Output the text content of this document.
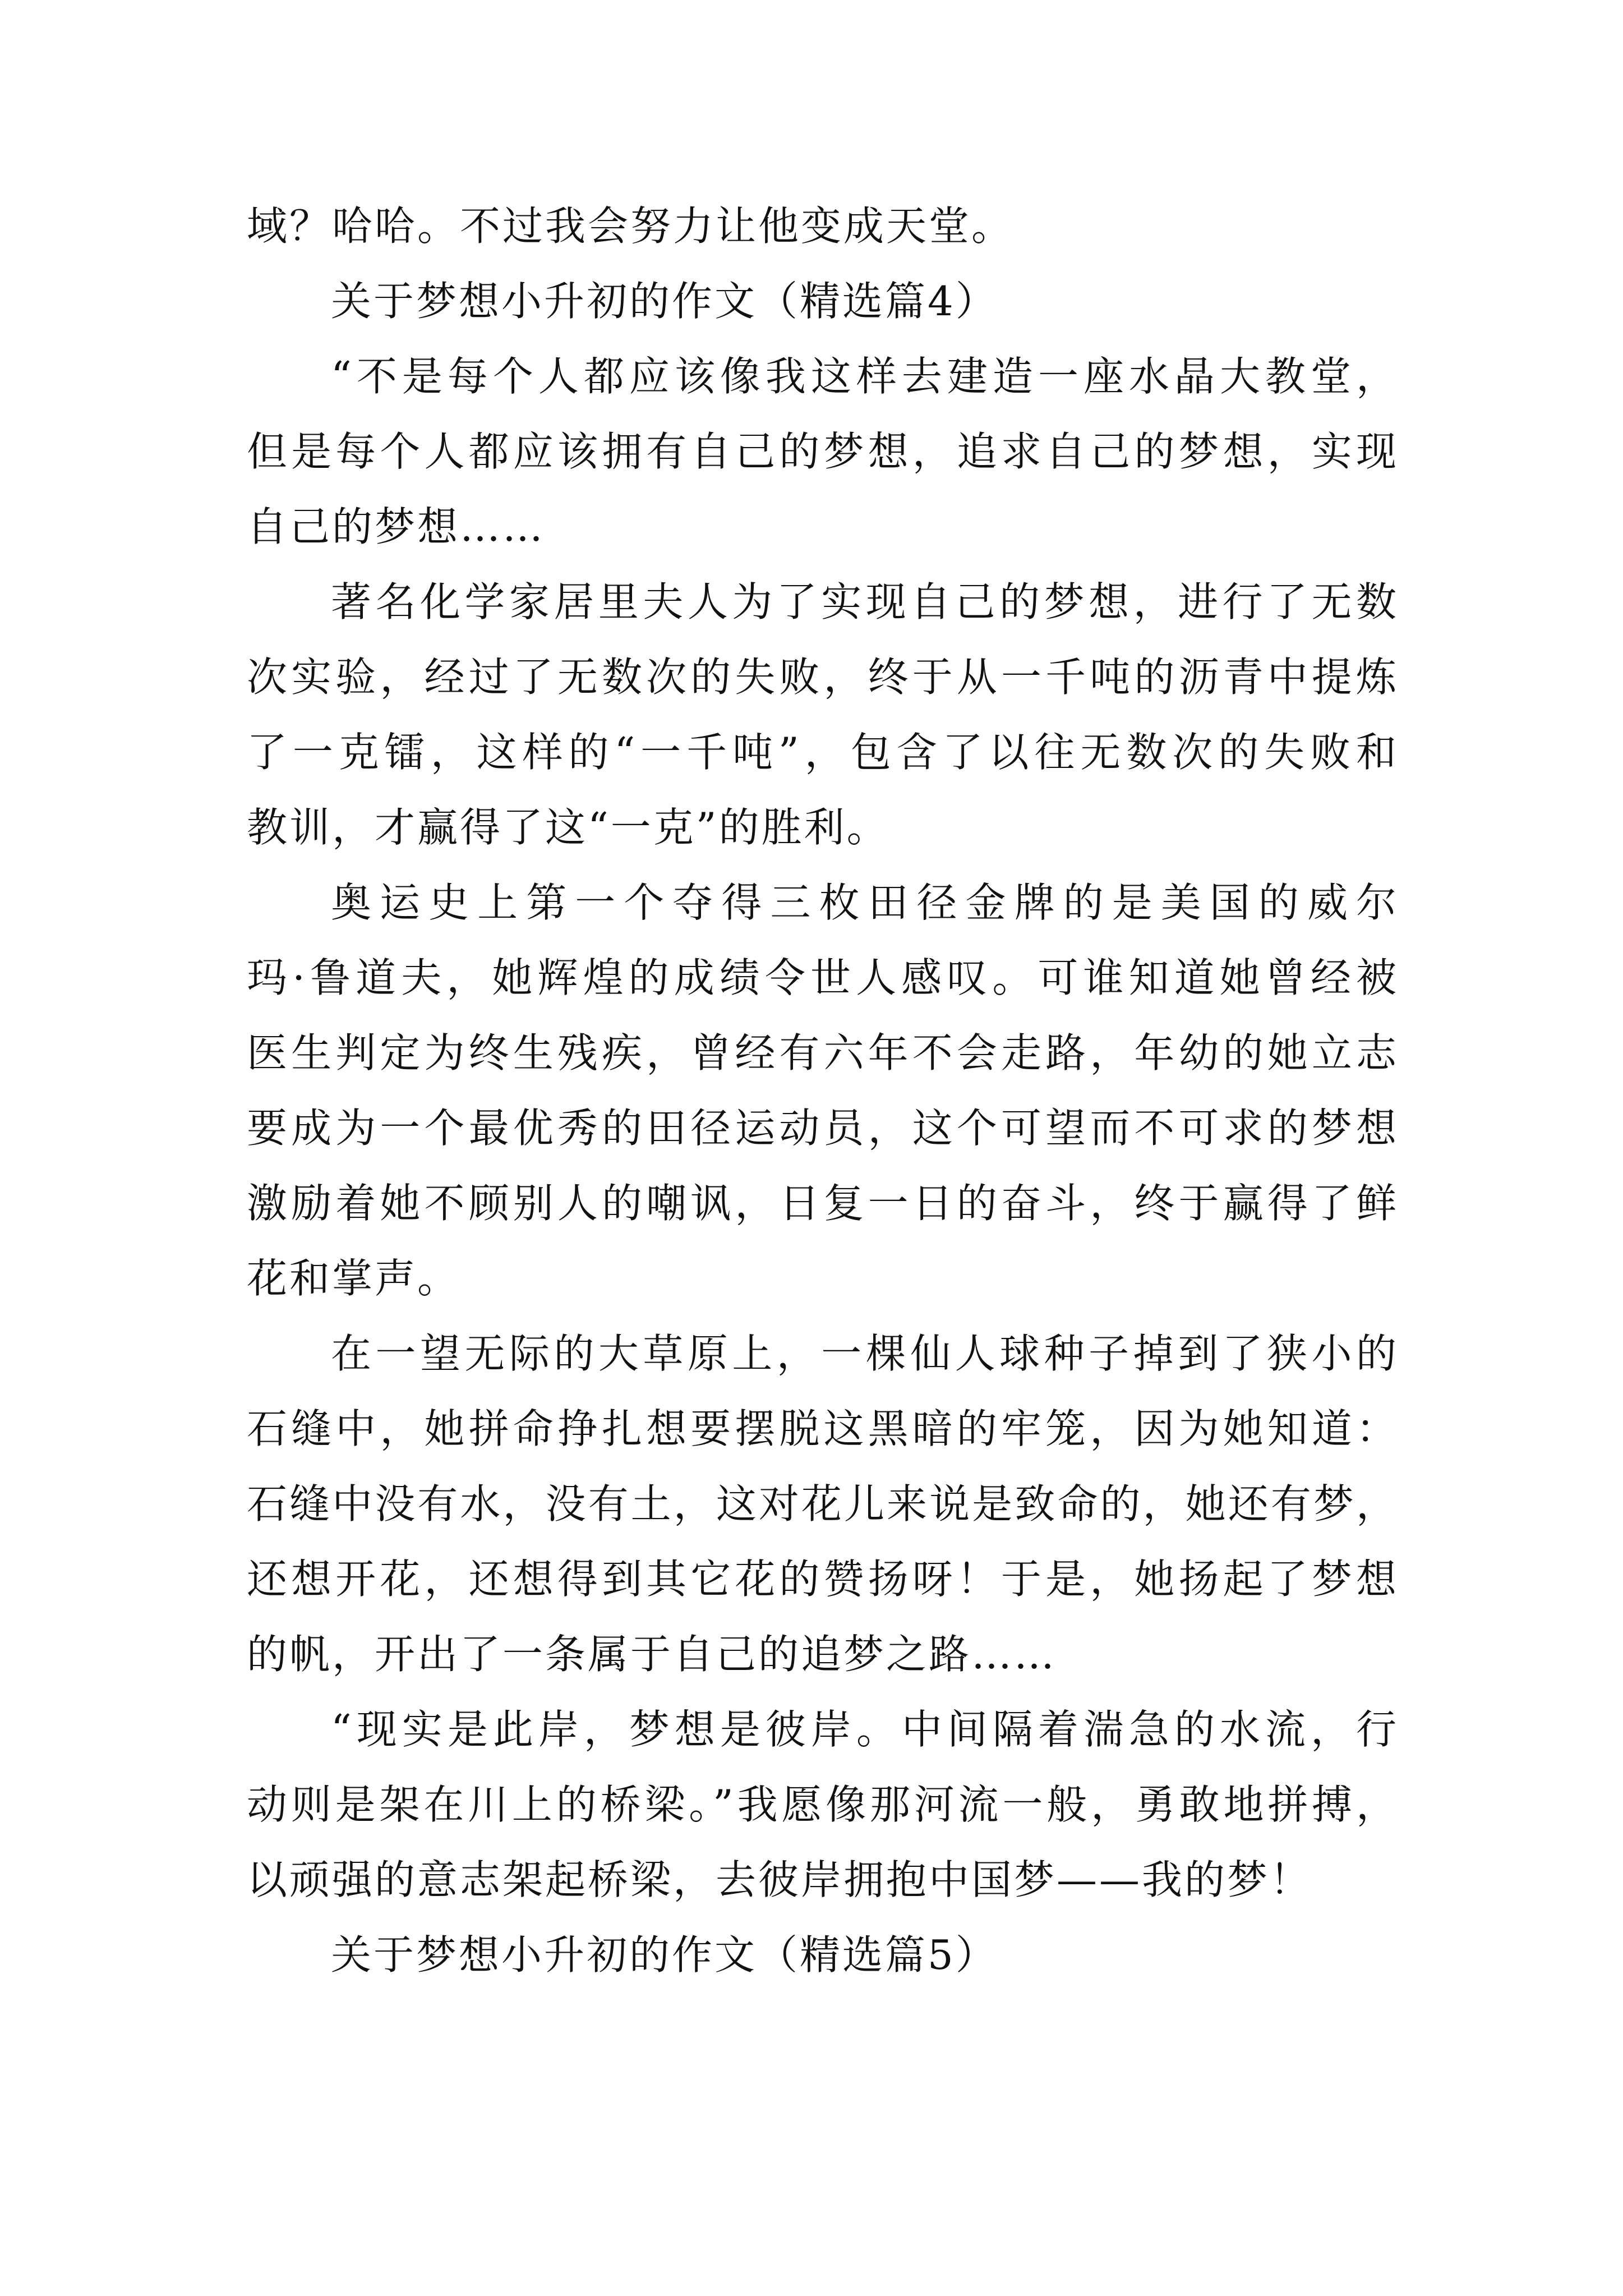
域？哈哈。不过我会努力让他变成天堂。
关于梦想小升初的作文（精选篇4）
“不是每个人都应该像我这样去建造一座水晶大教堂，
但是每个人都应该拥有自己的梦想，追求自己的梦想，实现
自己的梦想……
著名化学家居里夫人为了实现自己的梦想，进行了无数
次实验，经过了无数次的失败，终于从一千吨的沥青中提炼
了一克镭，这样的“一千吨”，包含了以往无数次的失败和
教训，才赢得了这“一克”的胜利。
奥运史上第一个夺得三枚田径金牌的是美国的威尔
玛·鲁道夫，她辉煌的成绩令世人感叹。可谁知道她曾经被
医生判定为终生残疾，曾经有六年不会走路，年幼的她立志
要成为一个最优秀的田径运动员，这个可望而不可求的梦想
激励着她不顾别人的嘲讽，日复一日的奋斗，终于赢得了鲜
花和掌声。
在一望无际的大草原上，一棵仙人球种子掉到了狭小的
石缝中，她拼命挣扎想要摆脱这黑暗的牢笼，因为她知道：
石缝中没有水，没有土，这对花儿来说是致命的，她还有梦，
还想开花，还想得到其它花的赞扬呀！于是，她扬起了梦想
的帆，开出了一条属于自己的追梦之路……
“现实是此岸，梦想是彼岸。中间隔着湍急的水流，行
动则是架在川上的桥梁。”我愿像那河流一般，勇敢地拼搏，
以顽强的意志架起桥梁，去彼岸拥抱中国梦——我的梦！
关于梦想小升初的作文（精选篇5）
